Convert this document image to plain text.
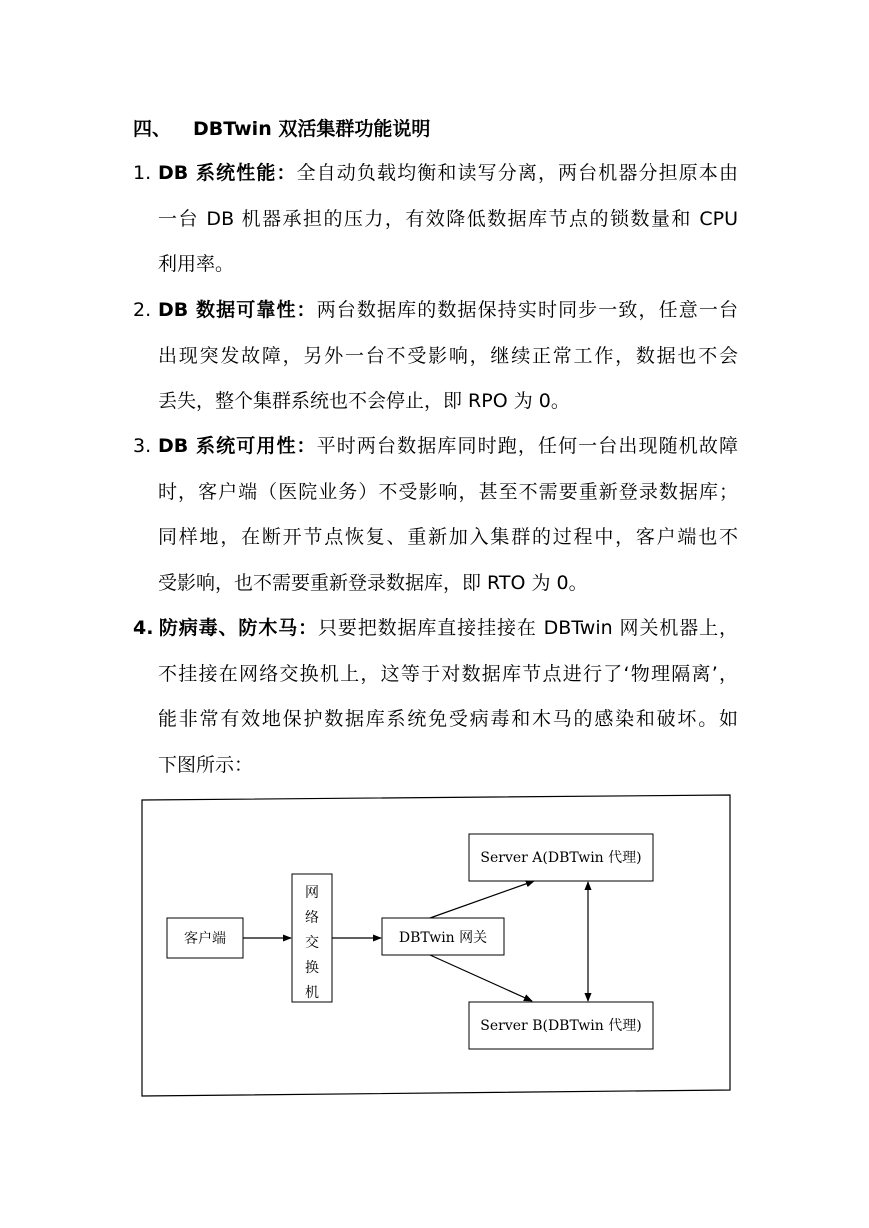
四、 DBTwin 双活集群功能说明
1. DB 系统性能：全自动负载均衡和读写分离，两台机器分担原本由
一台 DB 机器承担的压力，有效降低数据库节点的锁数量和 CPU
利用率。
2. DB 数据可靠性：两台数据库的数据保持实时同步一致，任意一台
出现突发故障，另外一台不受影响，继续正常工作，数据也不会
丢失，整个集群系统也不会停止，即 RPO 为 0。
3. DB 系统可用性：平时两台数据库同时跑，任何一台出现随机故障
时，客户端（医院业务）不受影响，甚至不需要重新登录数据库；
同样地，在断开节点恢复、重新加入集群的过程中，客户端也不
受影响，也不需要重新登录数据库，即 RTO 为 0。
4. 防病毒、防木马：只要把数据库直接挂接在 DBTwin 网关机器上，
不挂接在网络交换机上，这等于对数据库节点进行了‘物理隔离’，
能非常有效地保护数据库系统免受病毒和木马的感染和破坏。如
下图所示：
客户端
网
络
交
换
机
DBTwin 网关
Server A(DBTwin 代理)
Server B(DBTwin 代理)
